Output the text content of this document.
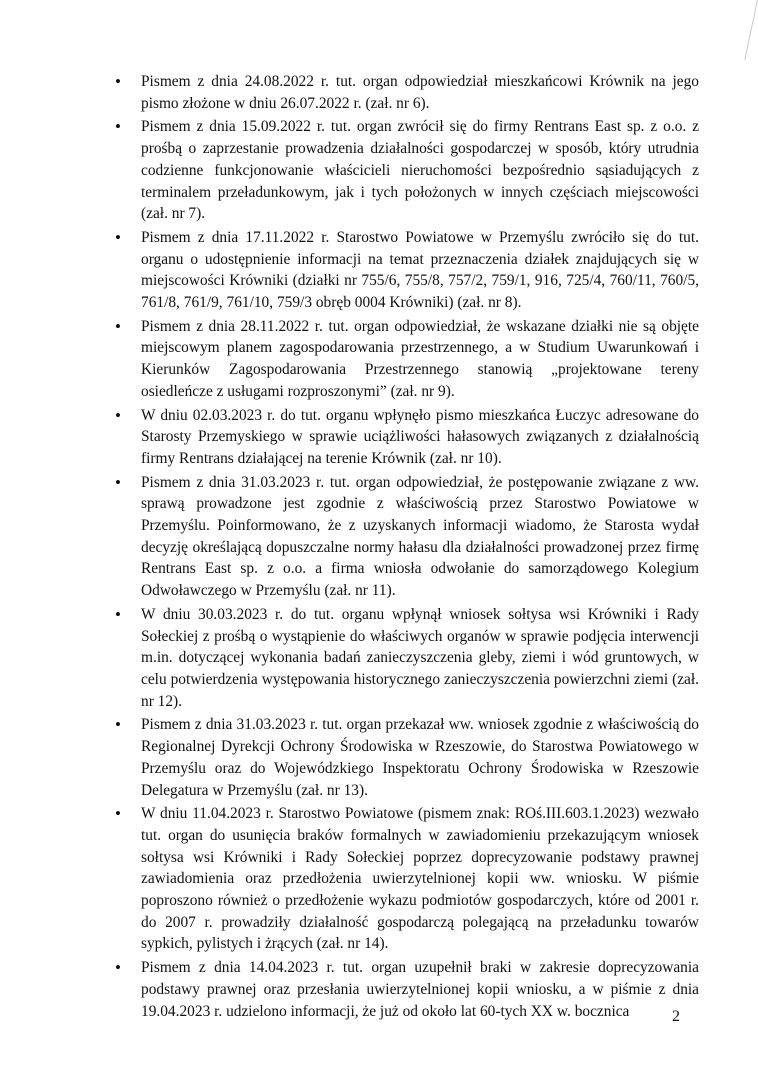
• Pismem z dnia 24.08.2022 r. tut. organ odpowiedział mieszkańcowi Krównik na jego pismo złożone w dniu 26.07.2022 r. (zał. nr 6).
• Pismem z dnia 15.09.2022 r. tut. organ zwrócił się do firmy Rentrans East sp. z o.o. z prośbą o zaprzestanie prowadzenia działalności gospodarczej w sposób, który utrudnia codzienne funkcjonowanie właścicieli nieruchomości bezpośrednio sąsiadujących z terminalem przeładunkowym, jak i tych położonych w innych częściach miejscowości (zał. nr 7).
• Pismem z dnia 17.11.2022 r. Starostwo Powiatowe w Przemyślu zwróciło się do tut. organu o udostępnienie informacji na temat przeznaczenia działek znajdujących się w miejscowości Krówniki (działki nr 755/6, 755/8, 757/2, 759/1, 916, 725/4, 760/11, 760/5, 761/8, 761/9, 761/10, 759/3 obręb 0004 Krówniki) (zał. nr 8).
• Pismem z dnia 28.11.2022 r. tut. organ odpowiedział, że wskazane działki nie są objęte miejscowym planem zagospodarowania przestrzennego, a w Studium Uwarunkowań i Kierunków Zagospodarowania Przestrzennego stanowią „projektowane tereny osiedleńcze z usługami rozproszonymi” (zał. nr 9).
• W dniu 02.03.2023 r. do tut. organu wpłynęło pismo mieszkańca Łuczyc adresowane do Starosty Przemyskiego w sprawie uciążliwości hałasowych związanych z działalnością firmy Rentrans działającej na terenie Krównik (zał. nr 10).
• Pismem z dnia 31.03.2023 r. tut. organ odpowiedział, że postępowanie związane z ww. sprawą prowadzone jest zgodnie z właściwością przez Starostwo Powiatowe w Przemyślu. Poinformowano, że z uzyskanych informacji wiadomo, że Starosta wydał decyzję określającą dopuszczalne normy hałasu dla działalności prowadzonej przez firmę Rentrans East sp. z o.o. a firma wniosła odwołanie do samorządowego Kolegium Odwoławczego w Przemyślu (zał. nr 11).
• W dniu 30.03.2023 r. do tut. organu wpłynął wniosek sołtysa wsi Krówniki i Rady Sołeckiej z prośbą o wystąpienie do właściwych organów w sprawie podjęcia interwencji m.in. dotyczącej wykonania badań zanieczyszczenia gleby, ziemi i wód gruntowych, w celu potwierdzenia występowania historycznego zanieczyszczenia powierzchni ziemi (zał. nr 12).
• Pismem z dnia 31.03.2023 r. tut. organ przekazał ww. wniosek zgodnie z właściwością do Regionalnej Dyrekcji Ochrony Środowiska w Rzeszowie, do Starostwa Powiatowego w Przemyślu oraz do Wojewódzkiego Inspektoratu Ochrony Środowiska w Rzeszowie Delegatura w Przemyślu (zał. nr 13).
• W dniu 11.04.2023 r. Starostwo Powiatowe (pismem znak: ROś.III.603.1.2023) wezwało tut. organ do usunięcia braków formalnych w zawiadomieniu przekazującym wniosek sołtysa wsi Krówniki i Rady Sołeckiej poprzez doprecyzowanie podstawy prawnej zawiadomienia oraz przedłożenia uwierzytelnionej kopii ww. wniosku. W piśmie poproszono również o przedłożenie wykazu podmiotów gospodarczych, które od 2001 r. do 2007 r. prowadziły działalność gospodarczą polegającą na przeładunku towarów sypkich, pylistych i żrących (zał. nr 14).
• Pismem z dnia 14.04.2023 r. tut. organ uzupełnił braki w zakresie doprecyzowania podstawy prawnej oraz przesłania uwierzytelnionej kopii wniosku, a w piśmie z dnia 19.04.2023 r. udzielono informacji, że już od około lat 60-tych XX w. bocznica	2
